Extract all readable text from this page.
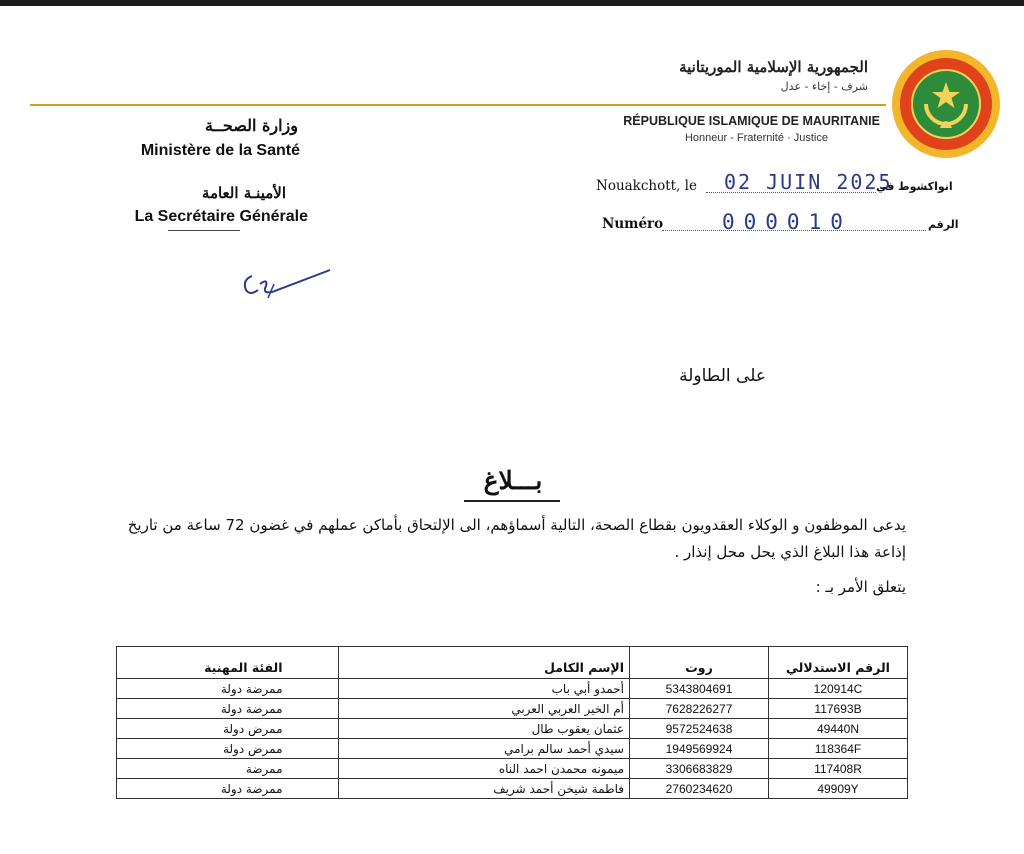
الجمهورية الإسلامية الموريتانية
شرف - إخاء - عدل
RÉPUBLIQUE ISLAMIQUE DE MAURITANIE
Honneur - Fraternité · Justice
وزارة الصحــة
Ministère de la Santé
الأمينـة العامة
La Secrétaire Générale
Nouakchott, le 02 JUIN 2025
انواكشوط في
Numéro	000010	الرقم
على الطاولة
بـــلاغ
يدعى الموظفون و الوكلاء العقدويون بقطاع الصحة، التالية أسماؤهم، الى الإلتحاق بأماكن عملهم في غضون 72 ساعة من تاريخ إذاعة هذا البلاغ الذي يحل محل إنذار .
يتعلق الأمر بـ :
الرقم الاستدلالي	روت	الإسم الكامل	الفئة المهنية
120914C	5343804691	أحمدو أبي باب	ممرضة دولة
117693B	7628226277	أم الخير العربي العربي	ممرضة دولة
49440N	9572524638	عثمان يعقوب طال	ممرض دولة
118364F	1949569924	سيدي أحمد سالم برامي	ممرض دولة
117408R	3306683829	ميمونه محمدن احمد الناه	ممرضة
49909Y	2760234620	فاطمة شيخن أحمد شريف	ممرضة دولة
